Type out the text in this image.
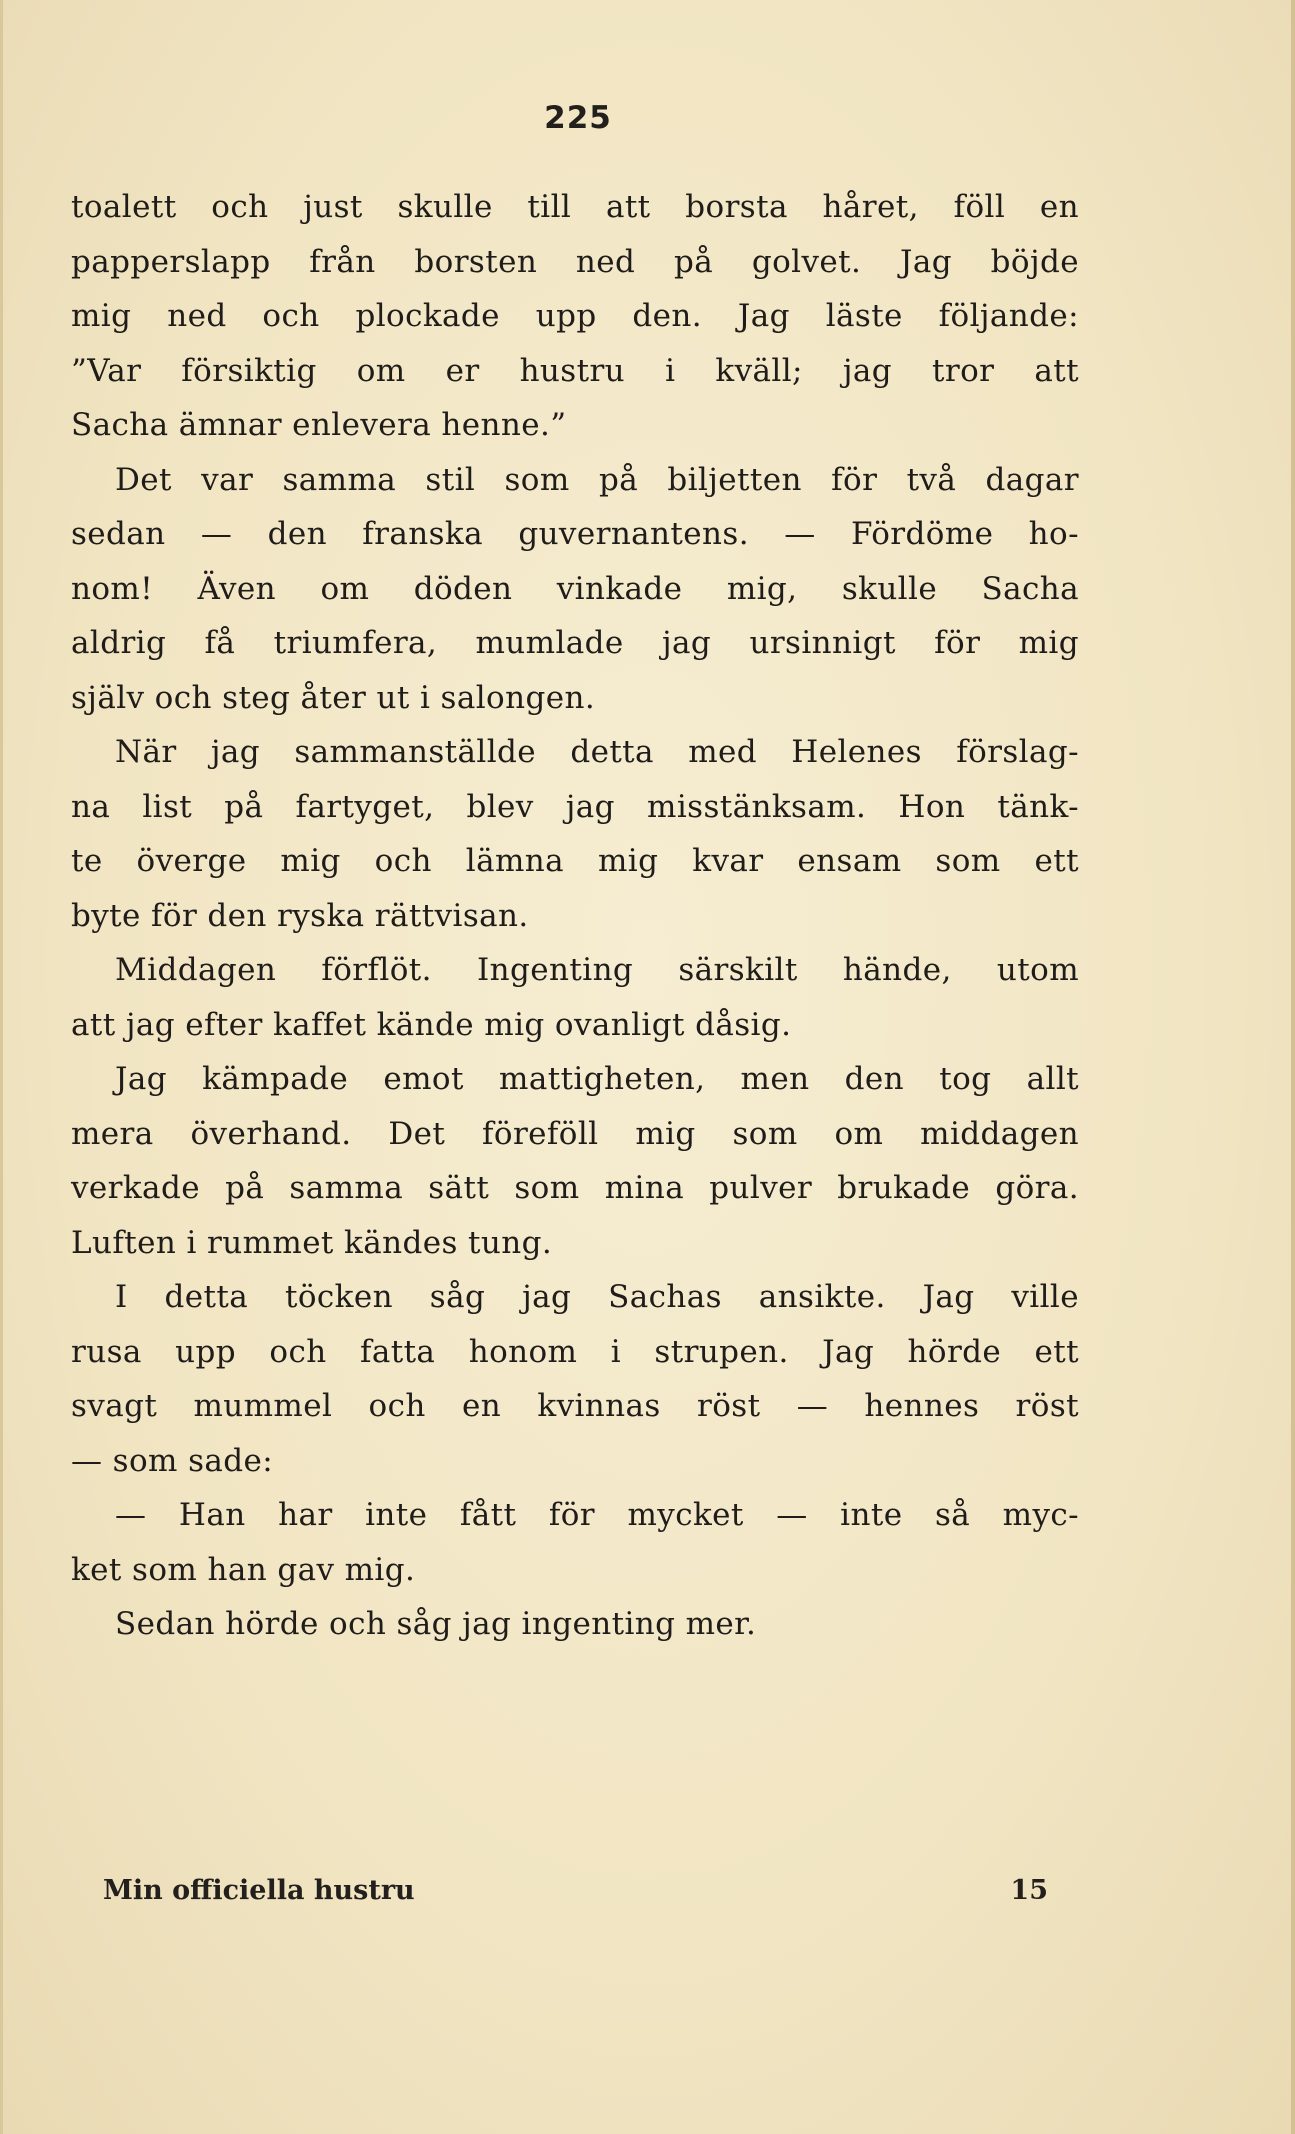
225
toalett och just skulle till att borsta håret, föll en
papperslapp från borsten ned på golvet. Jag böjde
mig ned och plockade upp den. Jag läste följande:
”Var försiktig om er hustru i kväll; jag tror att
Sacha ämnar enlevera henne.”
Det var samma stil som på biljetten för två dagar
sedan — den franska guvernantens. — Fördöme ho-
nom! Även om döden vinkade mig, skulle Sacha
aldrig få triumfera, mumlade jag ursinnigt för mig
själv och steg åter ut i salongen.
När jag sammanställde detta med Helenes förslag-
na list på fartyget, blev jag misstänksam. Hon tänk-
te överge mig och lämna mig kvar ensam som ett
byte för den ryska rättvisan.
Middagen förflöt. Ingenting särskilt hände, utom
att jag efter kaffet kände mig ovanligt dåsig.
Jag kämpade emot mattigheten, men den tog allt
mera överhand. Det föreföll mig som om middagen
verkade på samma sätt som mina pulver brukade göra.
Luften i rummet kändes tung.
I detta töcken såg jag Sachas ansikte. Jag ville
rusa upp och fatta honom i strupen. Jag hörde ett
svagt mummel och en kvinnas röst — hennes röst
— som sade:
— Han har inte fått för mycket — inte så myc-
ket som han gav mig.
Sedan hörde och såg jag ingenting mer.
Min officiella hustru	15
